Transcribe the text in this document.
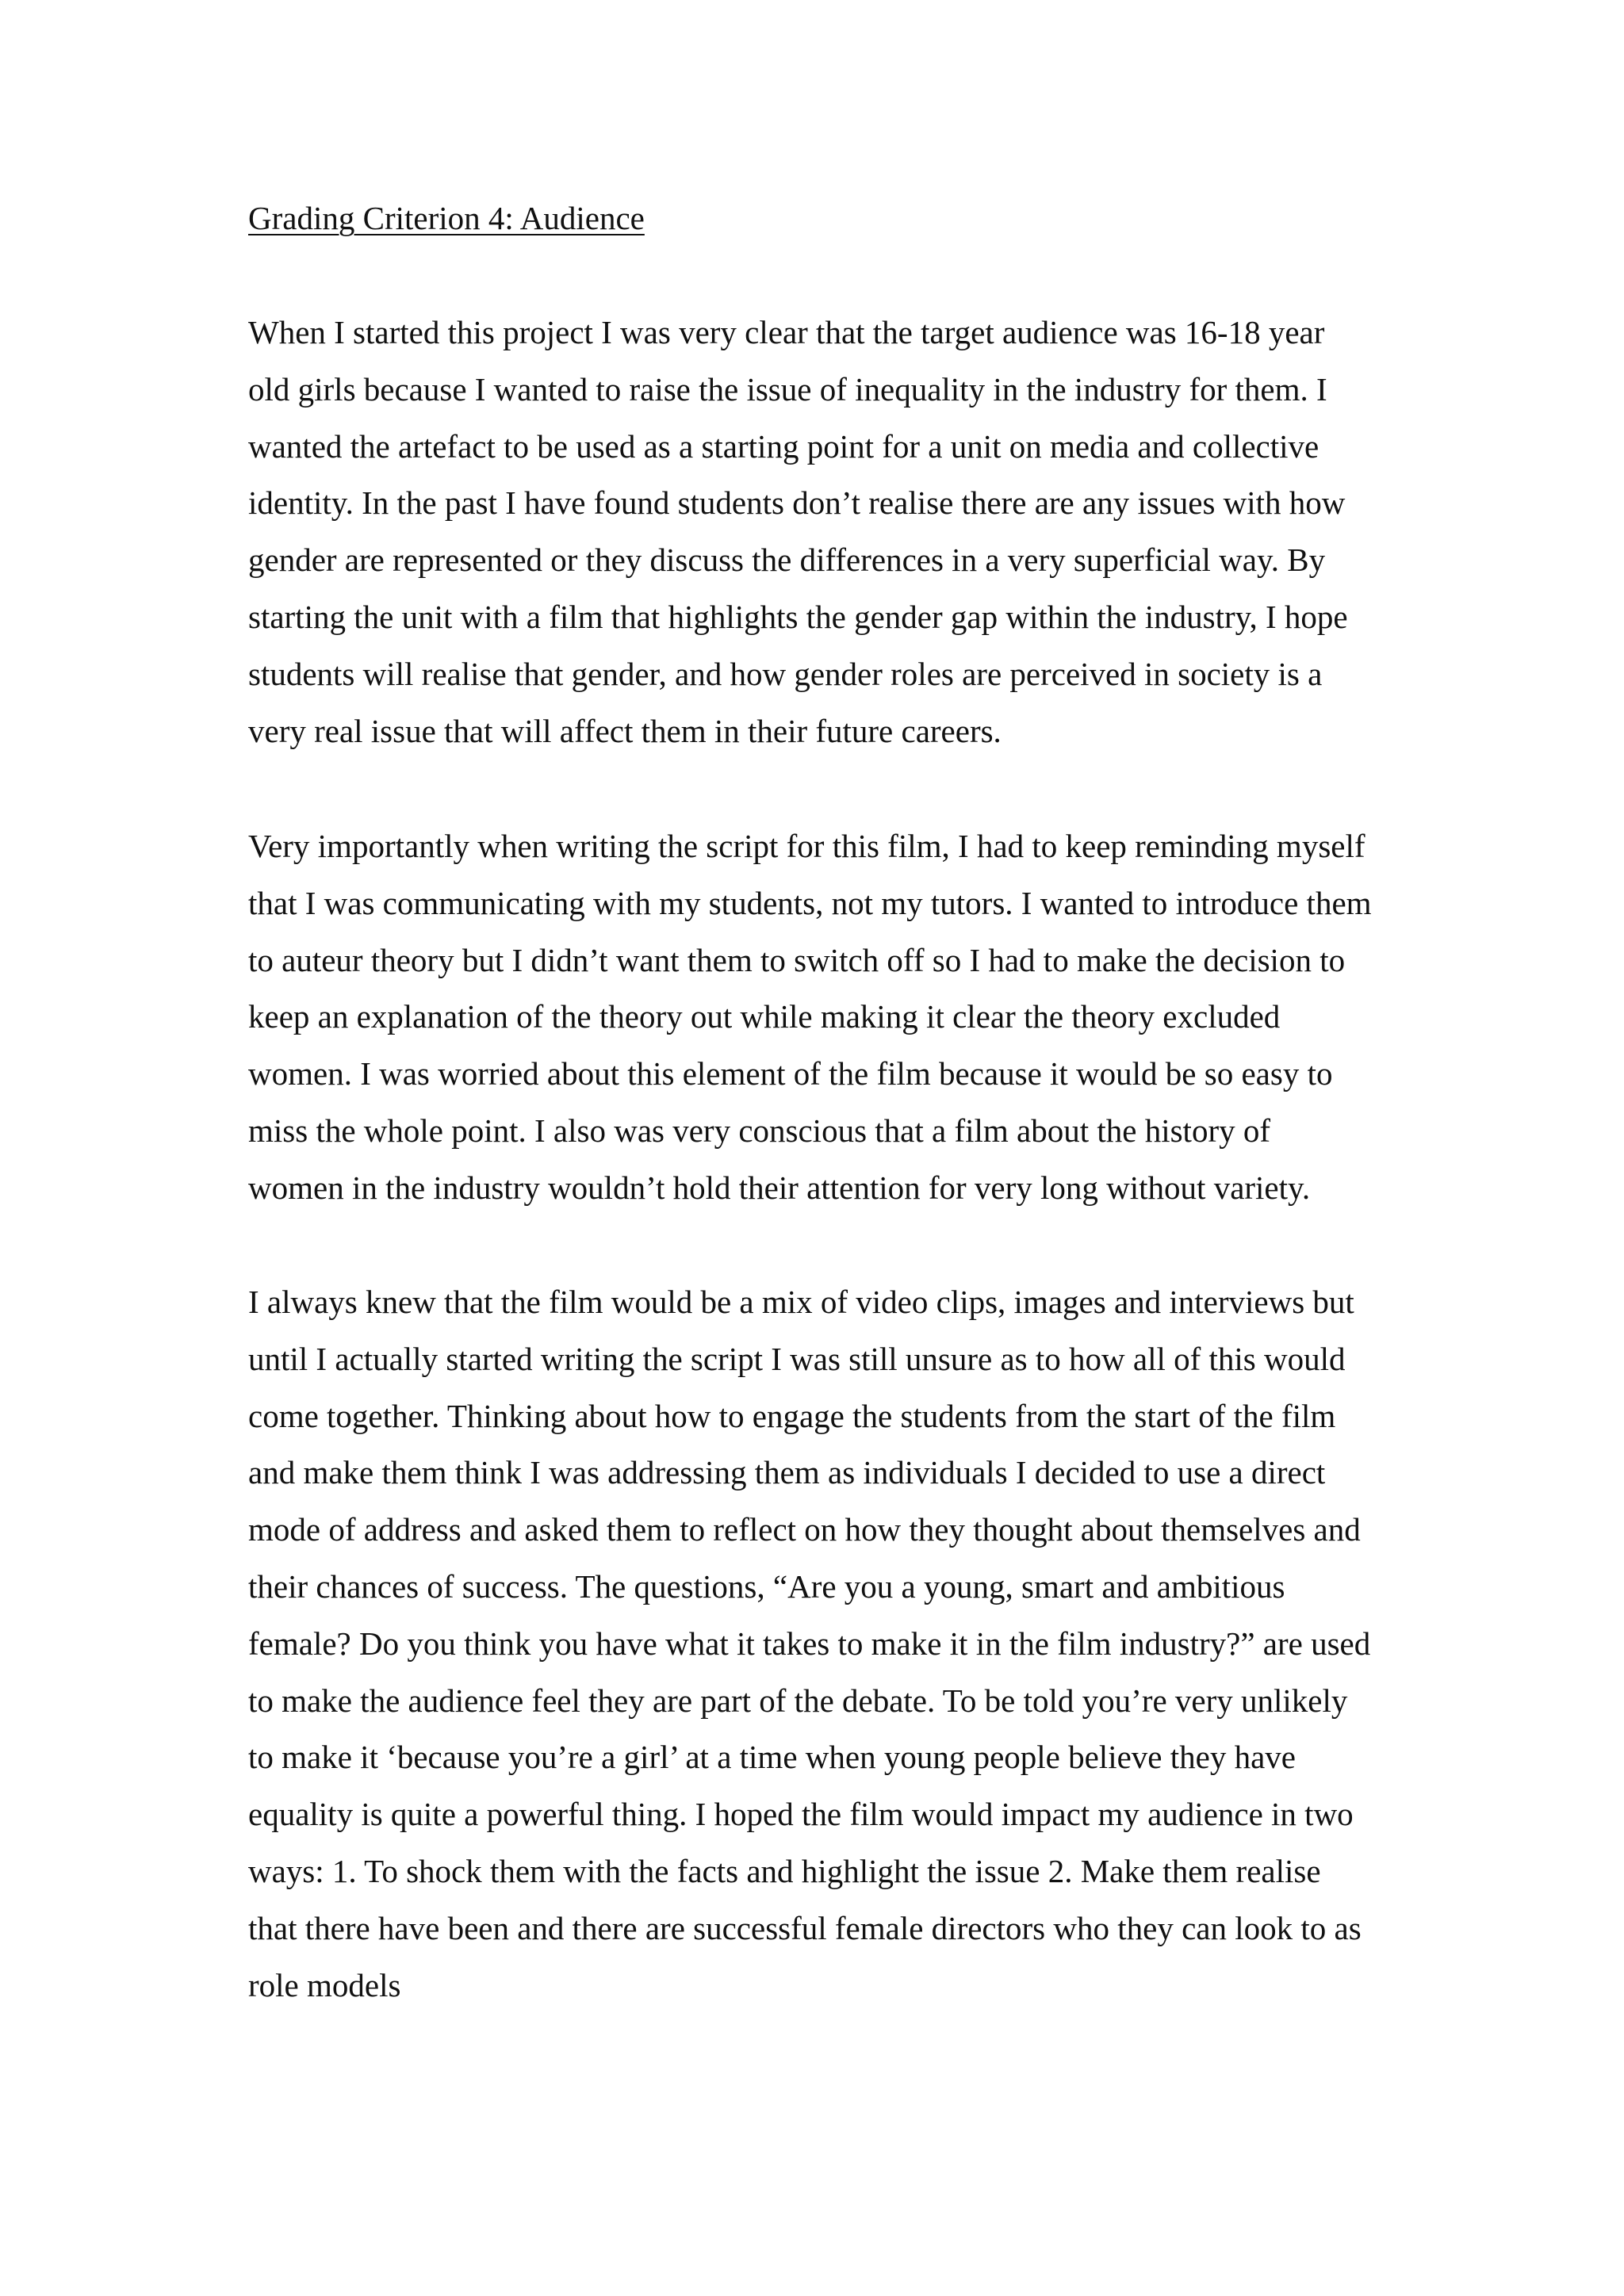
Grading Criterion 4: Audience

When I started this project I was very clear that the target audience was 16-18 year
old girls because I wanted to raise the issue of inequality in the industry for them. I
wanted the artefact to be used as a starting point for a unit on media and collective
identity. In the past I have found students don’t realise there are any issues with how
gender are represented or they discuss the differences in a very superficial way. By
starting the unit with a film that highlights the gender gap within the industry, I hope
students will realise that gender, and how gender roles are perceived in society is a
very real issue that will affect them in their future careers.

Very importantly when writing the script for this film, I had to keep reminding myself
that I was communicating with my students, not my tutors. I wanted to introduce them
to auteur theory but I didn’t want them to switch off so I had to make the decision to
keep an explanation of the theory out while making it clear the theory excluded
women. I was worried about this element of the film because it would be so easy to
miss the whole point. I also was very conscious that a film about the history of
women in the industry wouldn’t hold their attention for very long without variety.

I always knew that the film would be a mix of video clips, images and interviews but
until I actually started writing the script I was still unsure as to how all of this would
come together. Thinking about how to engage the students from the start of the film
and make them think I was addressing them as individuals I decided to use a direct
mode of address and asked them to reflect on how they thought about themselves and
their chances of success. The questions, “Are you a young, smart and ambitious
female? Do you think you have what it takes to make it in the film industry?” are used
to make the audience feel they are part of the debate. To be told you’re very unlikely
to make it ‘because you’re a girl’ at a time when young people believe they have
equality is quite a powerful thing. I hoped the film would impact my audience in two
ways: 1. To shock them with the facts and highlight the issue 2. Make them realise
that there have been and there are successful female directors who they can look to as
role models
